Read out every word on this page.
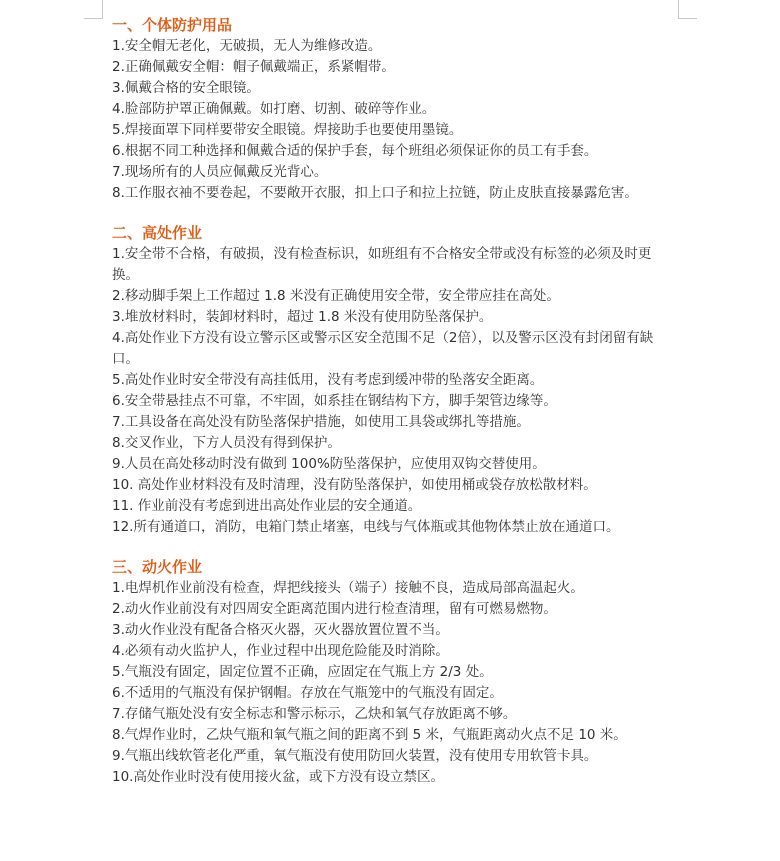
一、个体防护用品

1.安全帽无老化，无破损，无人为维修改造。

2.正确佩戴安全帽：帽子佩戴端正，系紧帽带。

3.佩戴合格的安全眼镜。

4.脸部防护罩正确佩戴。如打磨、切割、破碎等作业。

5.焊接面罩下同样要带安全眼镜。焊接助手也要使用墨镜。

6.根据不同工种选择和佩戴合适的保护手套，每个班组必须保证你的员工有手套。

7.现场所有的人员应佩戴反光背心。

8.工作服衣袖不要卷起，不要敞开衣服，扣上口子和拉上拉链，防止皮肤直接暴露危害。

二、高处作业

1.安全带不合格，有破损，没有检查标识，如班组有不合格安全带或没有标签的必须及时更换。

2.移动脚手架上工作超过 1.8 米没有正确使用安全带，安全带应挂在高处。

3.堆放材料时，装卸材料时，超过 1.8 米没有使用防坠落保护。

4.高处作业下方没有设立警示区或警示区安全范围不足（2倍），以及警示区没有封闭留有缺口。

5.高处作业时安全带没有高挂低用，没有考虑到缓冲带的坠落安全距离。

6.安全带悬挂点不可靠，不牢固，如系挂在钢结构下方，脚手架管边缘等。

7.工具设备在高处没有防坠落保护措施，如使用工具袋或绑扎等措施。

8.交叉作业，下方人员没有得到保护。

9.人员在高处移动时没有做到 100%防坠落保护，应使用双钩交替使用。

10. 高处作业材料没有及时清理，没有防坠落保护，如使用桶或袋存放松散材料。

11. 作业前没有考虑到进出高处作业层的安全通道。

12.所有通道口，消防，电箱门禁止堵塞，电线与气体瓶或其他物体禁止放在通道口。

三、动火作业

1.电焊机作业前没有检查，焊把线接头（端子）接触不良，造成局部高温起火。

2.动火作业前没有对四周安全距离范围内进行检查清理，留有可燃易燃物。

3.动火作业没有配备合格灭火器，灭火器放置位置不当。

4.必须有动火监护人，作业过程中出现危险能及时消除。

5.气瓶没有固定，固定位置不正确，应固定在气瓶上方 2/3 处。

6.不适用的气瓶没有保护钢帽。存放在气瓶笼中的气瓶没有固定。

7.存储气瓶处没有安全标志和警示标示，乙炔和氧气存放距离不够。

8.气焊作业时，乙炔气瓶和氧气瓶之间的距离不到 5 米，气瓶距离动火点不足 10 米。

9.气瓶出线软管老化严重，氧气瓶没有使用防回火装置，没有使用专用软管卡具。

10.高处作业时没有使用接火盆，或下方没有设立禁区。
